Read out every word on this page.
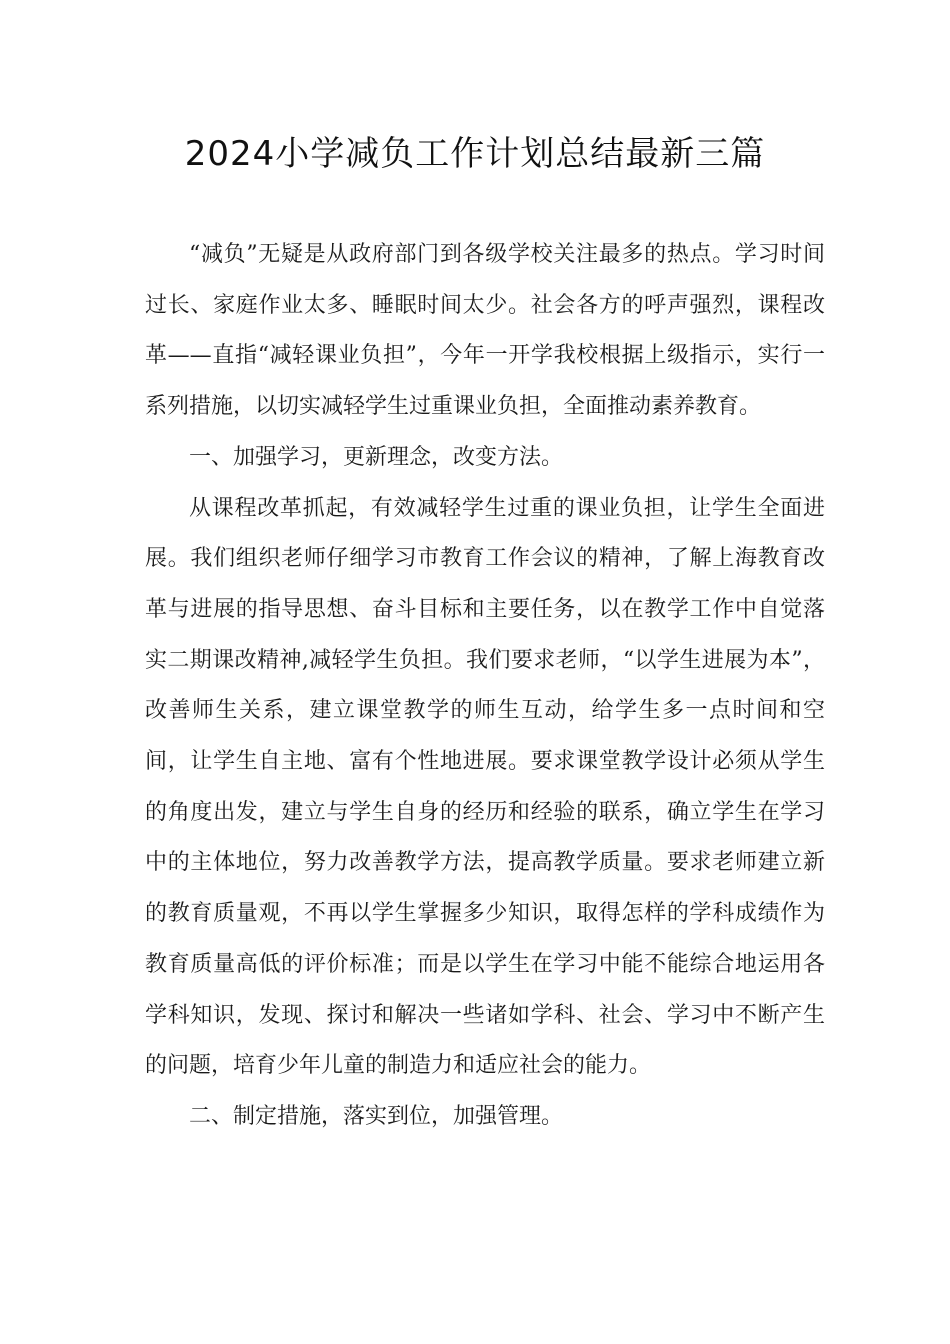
2024小学减负工作计划总结最新三篇

“减负”无疑是从政府部门到各级学校关注最多的热点。学习时间过长、家庭作业太多、睡眠时间太少。社会各方的呼声强烈，课程改革——直指“减轻课业负担”，今年一开学我校根据上级指示，实行一系列措施，以切实减轻学生过重课业负担，全面推动素养教育。

一、加强学习，更新理念，改变方法。

从课程改革抓起，有效减轻学生过重的课业负担，让学生全面进展。我们组织老师仔细学习市教育工作会议的精神，了解上海教育改革与进展的指导思想、奋斗目标和主要任务，以在教学工作中自觉落实二期课改精神,减轻学生负担。我们要求老师，“以学生进展为本”，改善师生关系，建立课堂教学的师生互动，给学生多一点时间和空间，让学生自主地、富有个性地进展。要求课堂教学设计必须从学生的角度出发，建立与学生自身的经历和经验的联系，确立学生在学习中的主体地位，努力改善教学方法，提高教学质量。要求老师建立新的教育质量观，不再以学生掌握多少知识，取得怎样的学科成绩作为教育质量高低的评价标准；而是以学生在学习中能不能综合地运用各学科知识，发现、探讨和解决一些诸如学科、社会、学习中不断产生的问题，培育少年儿童的制造力和适应社会的能力。

二、制定措施，落实到位，加强管理。
